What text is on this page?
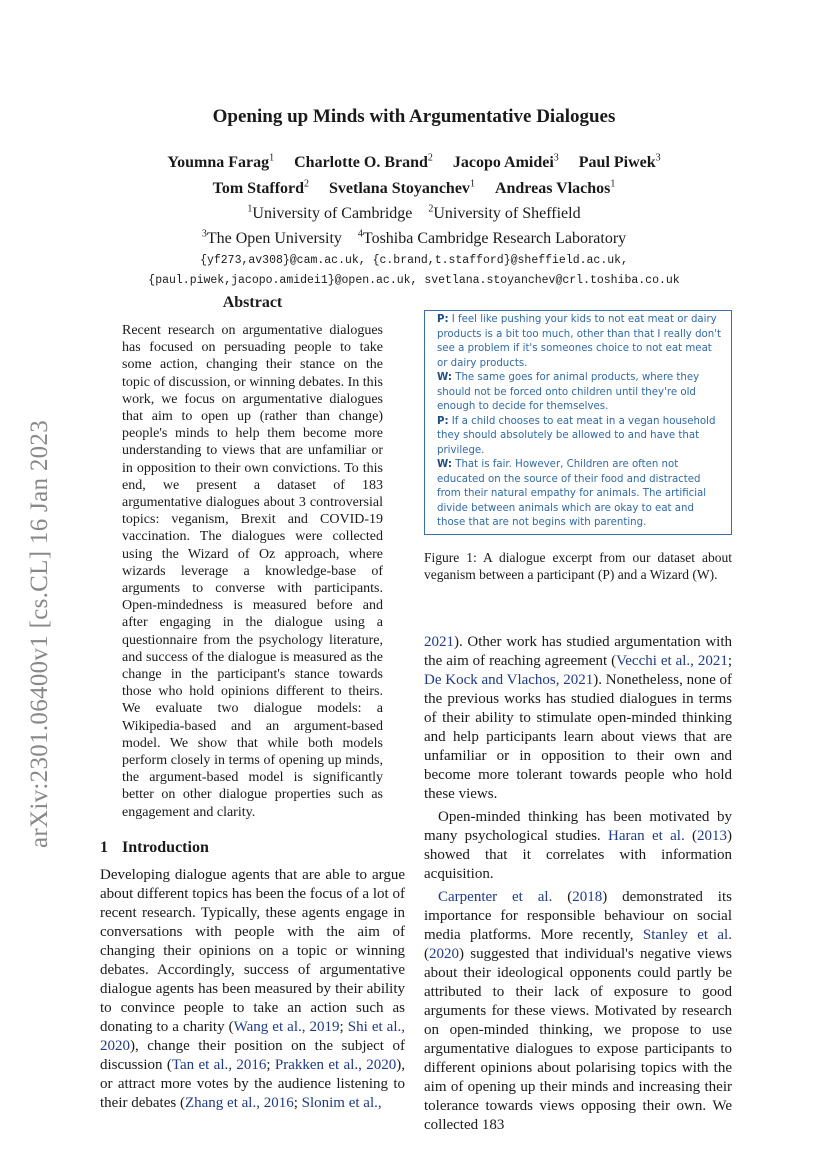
arXiv:2301.06400v1 [cs.CL] 16 Jan 2023
Opening up Minds with Argumentative Dialogues
Youmna Farag$^1$ Charlotte O. Brand$^2$ Jacopo Amidei$^3$ Paul Piwek$^3$
Tom Stafford$^2$ Svetlana Stoyanchev$^1$ Andreas Vlachos$^1$
$^1$University of Cambridge $^2$University of Sheffield
$^3$The Open University $^4$Toshiba Cambridge Research Laboratory
{yf273,av308}@cam.ac.uk, {c.brand,t.stafford}@sheffield.ac.uk,
{paul.piwek,jacopo.amidei1}@open.ac.uk, svetlana.stoyanchev@crl.toshiba.co.uk
Abstract
Recent research on argumentative dialogues has focused on persuading people to take some action, changing their stance on the topic of discussion, or winning debates. In this work, we focus on argumentative dialogues that aim to open up (rather than change) people's minds to help them become more understanding to views that are unfamiliar or in opposition to their own convictions. To this end, we present a dataset of 183 argumentative dialogues about 3 controversial topics: veganism, Brexit and COVID-19 vaccination. The dialogues were collected using the Wizard of Oz approach, where wizards leverage a knowledge-base of arguments to converse with participants. Open-mindedness is measured before and after engaging in the dialogue using a questionnaire from the psychology literature, and success of the dialogue is measured as the change in the participant's stance towards those who hold opinions different to theirs. We evaluate two dialogue models: a Wikipedia-based and an argument-based model. We show that while both models perform closely in terms of opening up minds, the argument-based model is significantly better on other dialogue properties such as engagement and clarity.
1 Introduction

Developing dialogue agents that are able to argue about different topics has been the focus of a lot of recent research. Typically, these agents engage in conversations with people with the aim of changing their opinions on a topic or winning debates. Accordingly, success of argumentative dialogue agents has been measured by their ability to convince people to take an action such as donating to a charity (Wang et al., 2019; Shi et al., 2020), change their position on the subject of discussion (Tan et al., 2016; Prakken et al., 2020), or attract more votes by the audience listening to their debates (Zhang et al., 2016; Slonim et al.,

P: I feel like pushing your kids to not eat meat or dairy products is a bit too much, other than that I really don't see a problem if it's someones choice to not eat meat or dairy products.
W: The same goes for animal products, where they should not be forced onto children until they're old enough to decide for themselves.
P: If a child chooses to eat meat in a vegan household they should absolutely be allowed to and have that privilege.
W: That is fair. However, Children are often not educated on the source of their food and distracted from their natural empathy for animals. The artificial divide between animals which are okay to eat and those that are not begins with parenting.
Figure 1: A dialogue excerpt from our dataset about veganism between a participant (P) and a Wizard (W).

2021). Other work has studied argumentation with the aim of reaching agreement (Vecchi et al., 2021; De Kock and Vlachos, 2021). Nonetheless, none of the previous works has studied dialogues in terms of their ability to stimulate open-minded thinking and help participants learn about views that are unfamiliar or in opposition to their own and become more tolerant towards people who hold these views.

Open-minded thinking has been motivated by many psychological studies. Haran et al. (2013) showed that it correlates with information acquisition.

Carpenter et al. (2018) demonstrated its importance for responsible behaviour on social media platforms. More recently, Stanley et al. (2020) suggested that individual's negative views about their ideological opponents could partly be attributed to their lack of exposure to good arguments for these views. Motivated by research on open-minded thinking, we propose to use argumentative dialogues to expose participants to different opinions about polarising topics with the aim of opening up their minds and increasing their tolerance towards views opposing their own. We collected 183
